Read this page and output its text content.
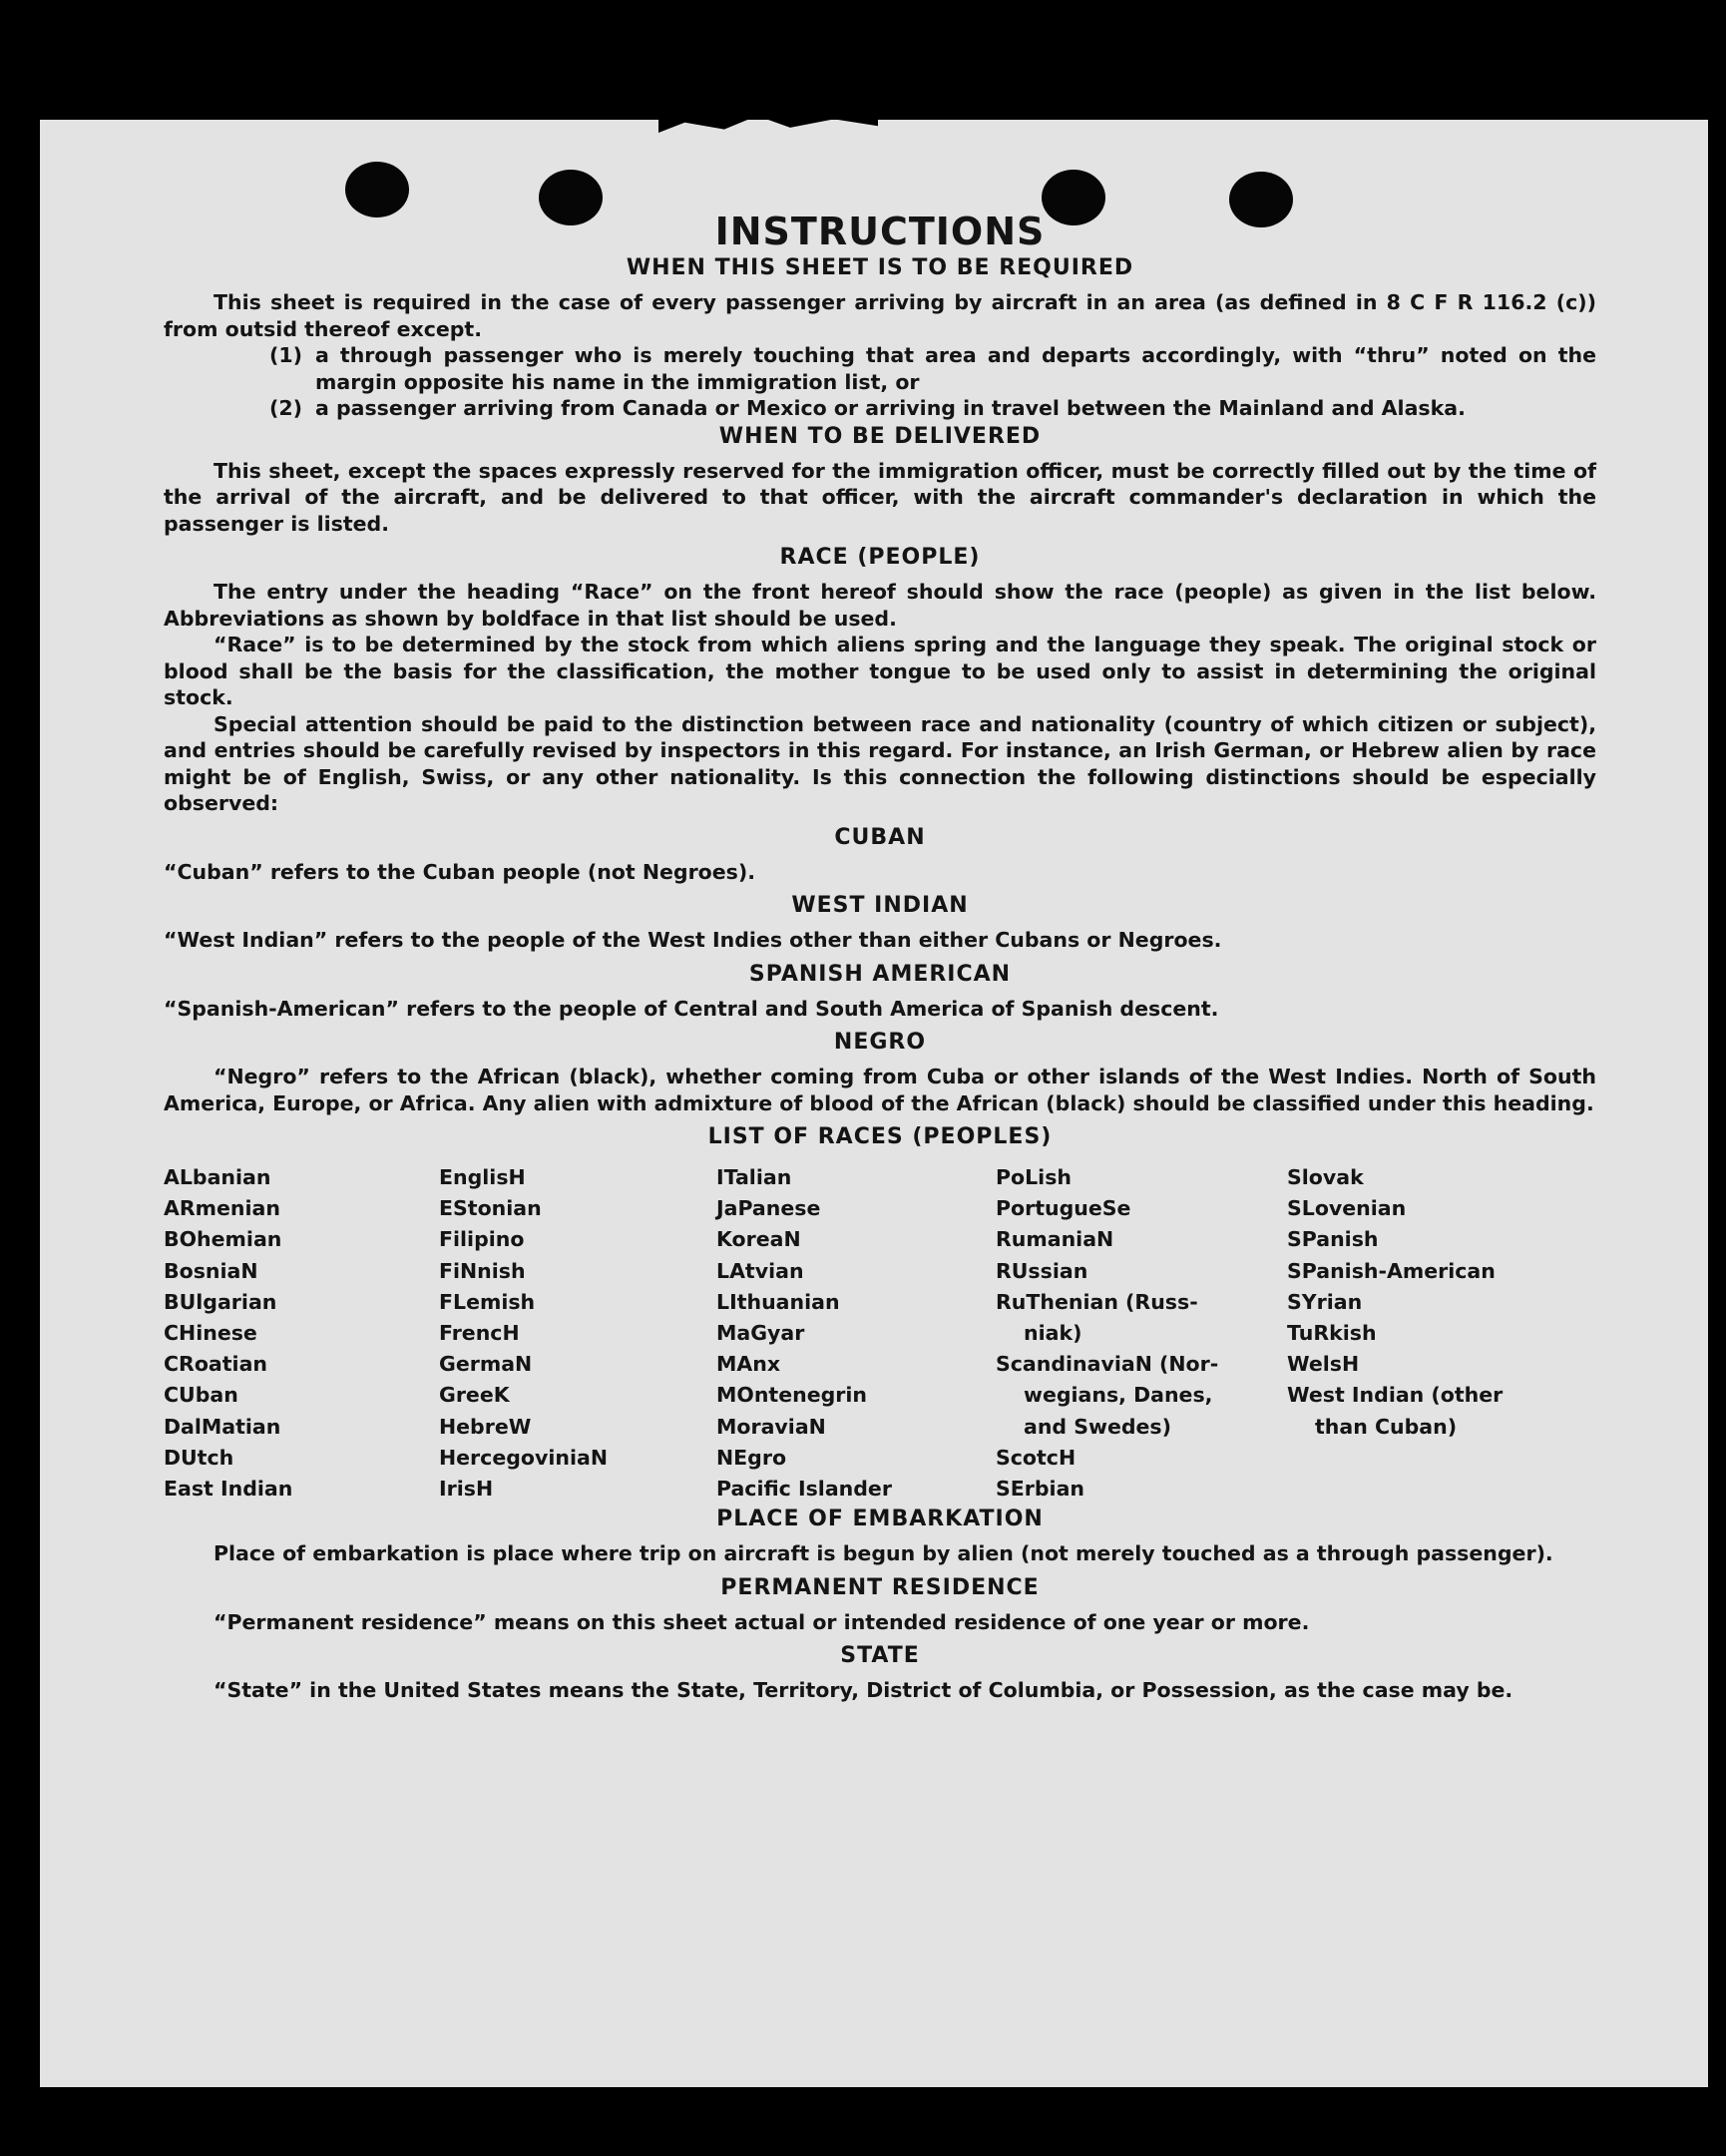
INSTRUCTIONS
WHEN THIS SHEET IS TO BE REQUIRED

This sheet is required in the case of every passenger arriving by aircraft in an area (as defined in 8 C F R 116.2 (c)) from outsid thereof except.

(1) a through passenger who is merely touching that area and departs accordingly, with “thru” noted on the margin opposite his name in the immigration list, or
(2) a passenger arriving from Canada or Mexico or arriving in travel between the Mainland and Alaska.
WHEN TO BE DELIVERED

This sheet, except the spaces expressly reserved for the immigration officer, must be correctly filled out by the time of the arrival of the aircraft, and be delivered to that officer, with the aircraft commander's declaration in which the passenger is listed.

RACE (PEOPLE)

The entry under the heading “Race” on the front hereof should show the race (people) as given in the list below. Abbreviations as shown by boldface in that list should be used.

“Race” is to be determined by the stock from which aliens spring and the language they speak. The original stock or blood shall be the basis for the classification, the mother tongue to be used only to assist in determining the original stock.

Special attention should be paid to the distinction between race and nationality (country of which citizen or subject), and entries should be carefully revised by inspectors in this regard. For instance, an Irish German, or Hebrew alien by race might be of English, Swiss, or any other nationality. Is this connection the following distinctions should be especially observed:

CUBAN

“Cuban” refers to the Cuban people (not Negroes).

WEST INDIAN

“West Indian” refers to the people of the West Indies other than either Cubans or Negroes.

SPANISH AMERICAN

“Spanish-American” refers to the people of Central and South America of Spanish descent.

NEGRO

“Negro” refers to the African (black), whether coming from Cuba or other islands of the West Indies. North of South America, Europe, or Africa. Any alien with admixture of blood of the African (black) should be classified under this heading.

LIST OF RACES (PEOPLES)
ALbanian
ARmenian
BOhemian
BosniaN
BUlgarian
CHinese
CRoatian
CUban
DalMatian
DUtch
East Indian
EnglisH
EStonian
Filipino
FiNnish
FLemish
FrencH
GermaN
GreeK
HebreW
HercegoviniaN
IrisH
ITalian
JaPanese
KoreaN
LAtvian
LIthuanian
MaGyar
MAnx
MOntenegrin
MoraviaN
NEgro
Pacific Islander
PoLish
PortugueSe
RumaniaN
RUssian
RuThenian (Russ-
niak)
ScandinaviaN (Nor-
wegians, Danes,
and Swedes)
ScotcH
SErbian
Slovak
SLovenian
SPanish
SPanish-American
SYrian
TuRkish
WelsH
West Indian (other
than Cuban)
PLACE OF EMBARKATION

Place of embarkation is place where trip on aircraft is begun by alien (not merely touched as a through passenger).

PERMANENT RESIDENCE

“Permanent residence” means on this sheet actual or intended residence of one year or more.

STATE

“State” in the United States means the State, Territory, District of Columbia, or Possession, as the case may be.
